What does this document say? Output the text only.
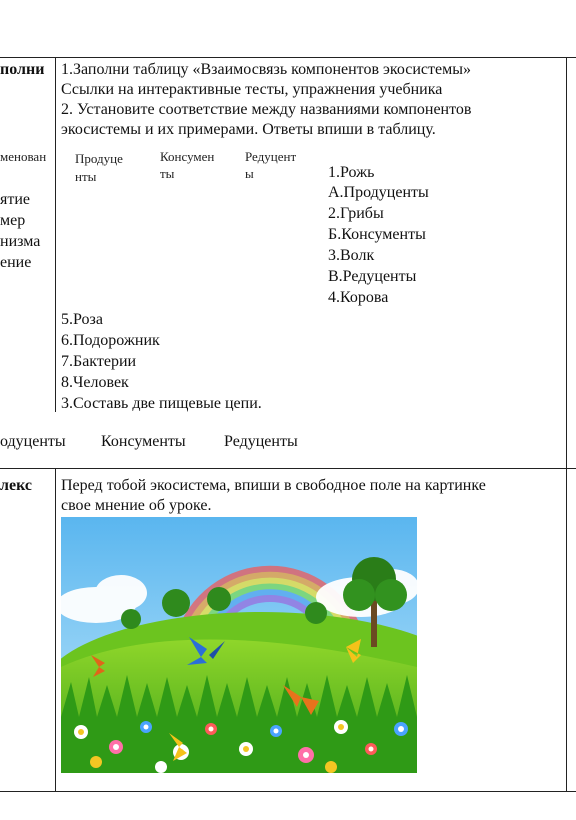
полни
менован
ятие
мер
низма
ение
1.Заполни таблицу «Взаимосвязь компонентов экосистемы»
Ссылки на интерактивные тесты, упражнения учебника
2. Установите соответствие между названиями компонентов
экосистемы и их примерами. Ответы впиши в таблицу.
Продуце
нты
Консумен
ты
Редуцент
ы	1.Рожь
А.Продуценты
2.Грибы
Б.Консументы
3.Волк
В.Редуценты
4.Корова
5.Роза
6.Подорожник
7.Бактерии
8.Человек
3.Составь две пищевые цепи.
одуценты Консументы Редуценты
лекс Перед тобой экосистема, впиши в свободное поле на картинке
свое мнение об уроке.
